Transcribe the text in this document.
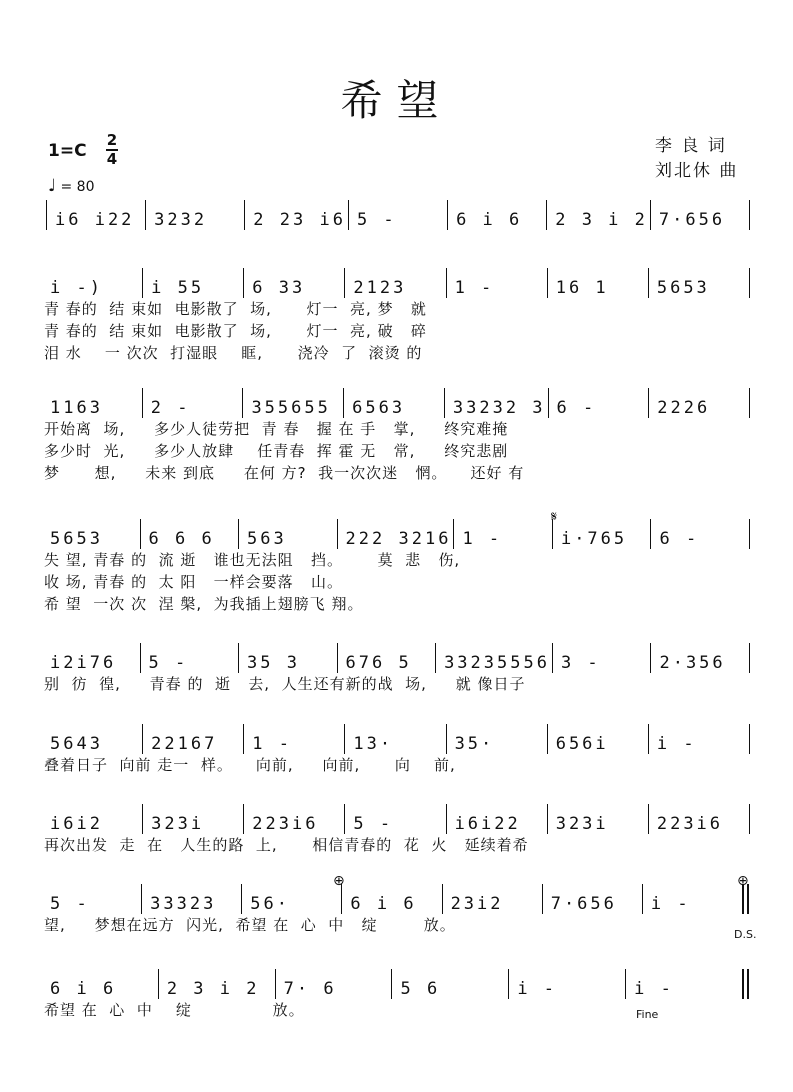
希望
李 良 词
刘北休 曲
1=C
2
4
♩ = 80
i6 i22	3232	2 23 i6 5 -	6 i 6	2 3 i 2 7·656
i -)	i 55	6 33	2123	1 -	16 1	5653
青 春的  结 束如  电影散了  场,      灯一  亮, 梦   就
青 春的  结 束如  电影散了  场,      灯一  亮, 破   碎
泪 水    一 次次  打湿眼    眶,      浇冷  了  滚烫 的
1163	2 -	355655	6563	33232 3 6 -	2226
开始离  场,     多少人徒劳把  青 春   握 在 手   掌,     终究难掩
多少时  光,     多少人放肆    任青春  挥 霍 无   常,     终究悲剧
梦      想,     未来 到底     在何 方?  我一次次迷   惘。    还好 有
5653	6 6 6	563	222 3216 1 -	i·765	6 -
失 望, 青春 的  流 逝   谁也无法阻   挡。      莫  悲   伤,
收 场, 青春 的  太 阳   一样会要落   山。
希 望  一次 次  涅 槃,  为我插上翅膀飞 翔。
i2i76	5 -	35 3	676 5	33235556 3 -	2·356
别  彷  徨,     青春 的  逝   去,  人生还有新的战  场,     就 像日子
5643	22167	1 -	13·	35·	656i	i -
叠着日子  向前 走一  样。    向前,     向前,      向    前,
i6i2	323i	223i6	5 -	i6i22	323i	223i6
再次出发  走  在   人生的路  上,      相信青春的  花  火   延续着希
5 -	33323	56·	6 i 6	23i2	7·656	i -
望,     梦想在远方  闪光,  希望 在  心  中   绽        放。
6 i 6	2 3 i 2	7· 6	5 6	i -	i -
希望 在  心  中    绽              放。
𝄋
⊕	⊕
D.S.
Fine
